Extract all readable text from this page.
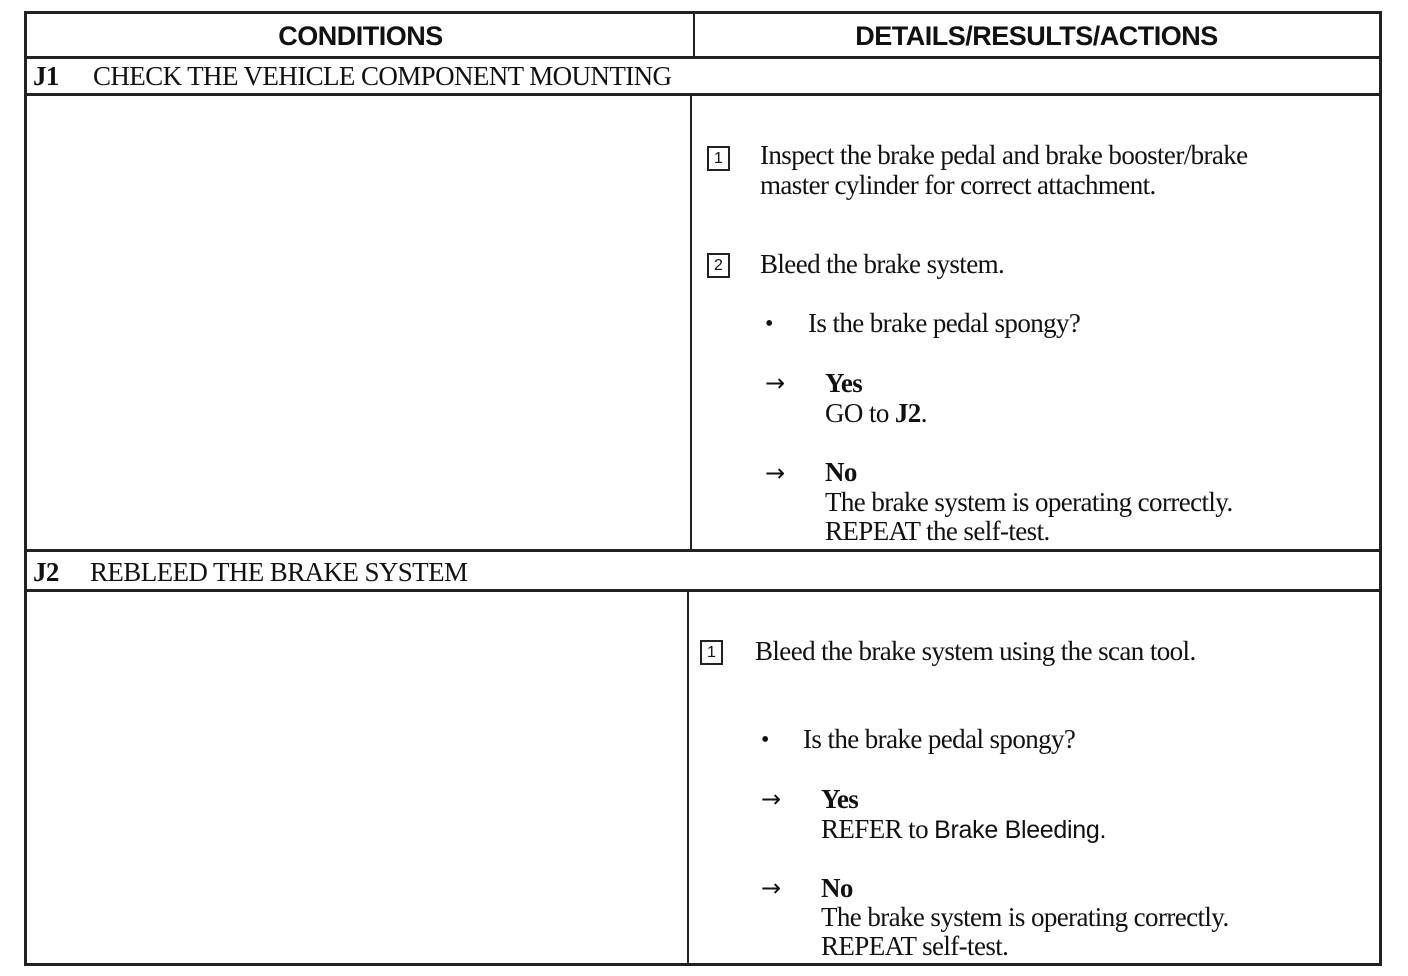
CONDITIONS	DETAILS/RESULTS/ACTIONS
J1 CHECK THE VEHICLE COMPONENT MOUNTING
1 Inspect the brake pedal and brake booster/brake
master cylinder for correct attachment.
2 Bleed the brake system.
• Is the brake pedal spongy?
→ Yes
GO to J2.
→ No
The brake system is operating correctly.
REPEAT the self-test.
J2 REBLEED THE BRAKE SYSTEM
1 Bleed the brake system using the scan tool.
• Is the brake pedal spongy?
→ Yes
REFER to Brake Bleeding.
→ No
The brake system is operating correctly.
REPEAT self-test.
